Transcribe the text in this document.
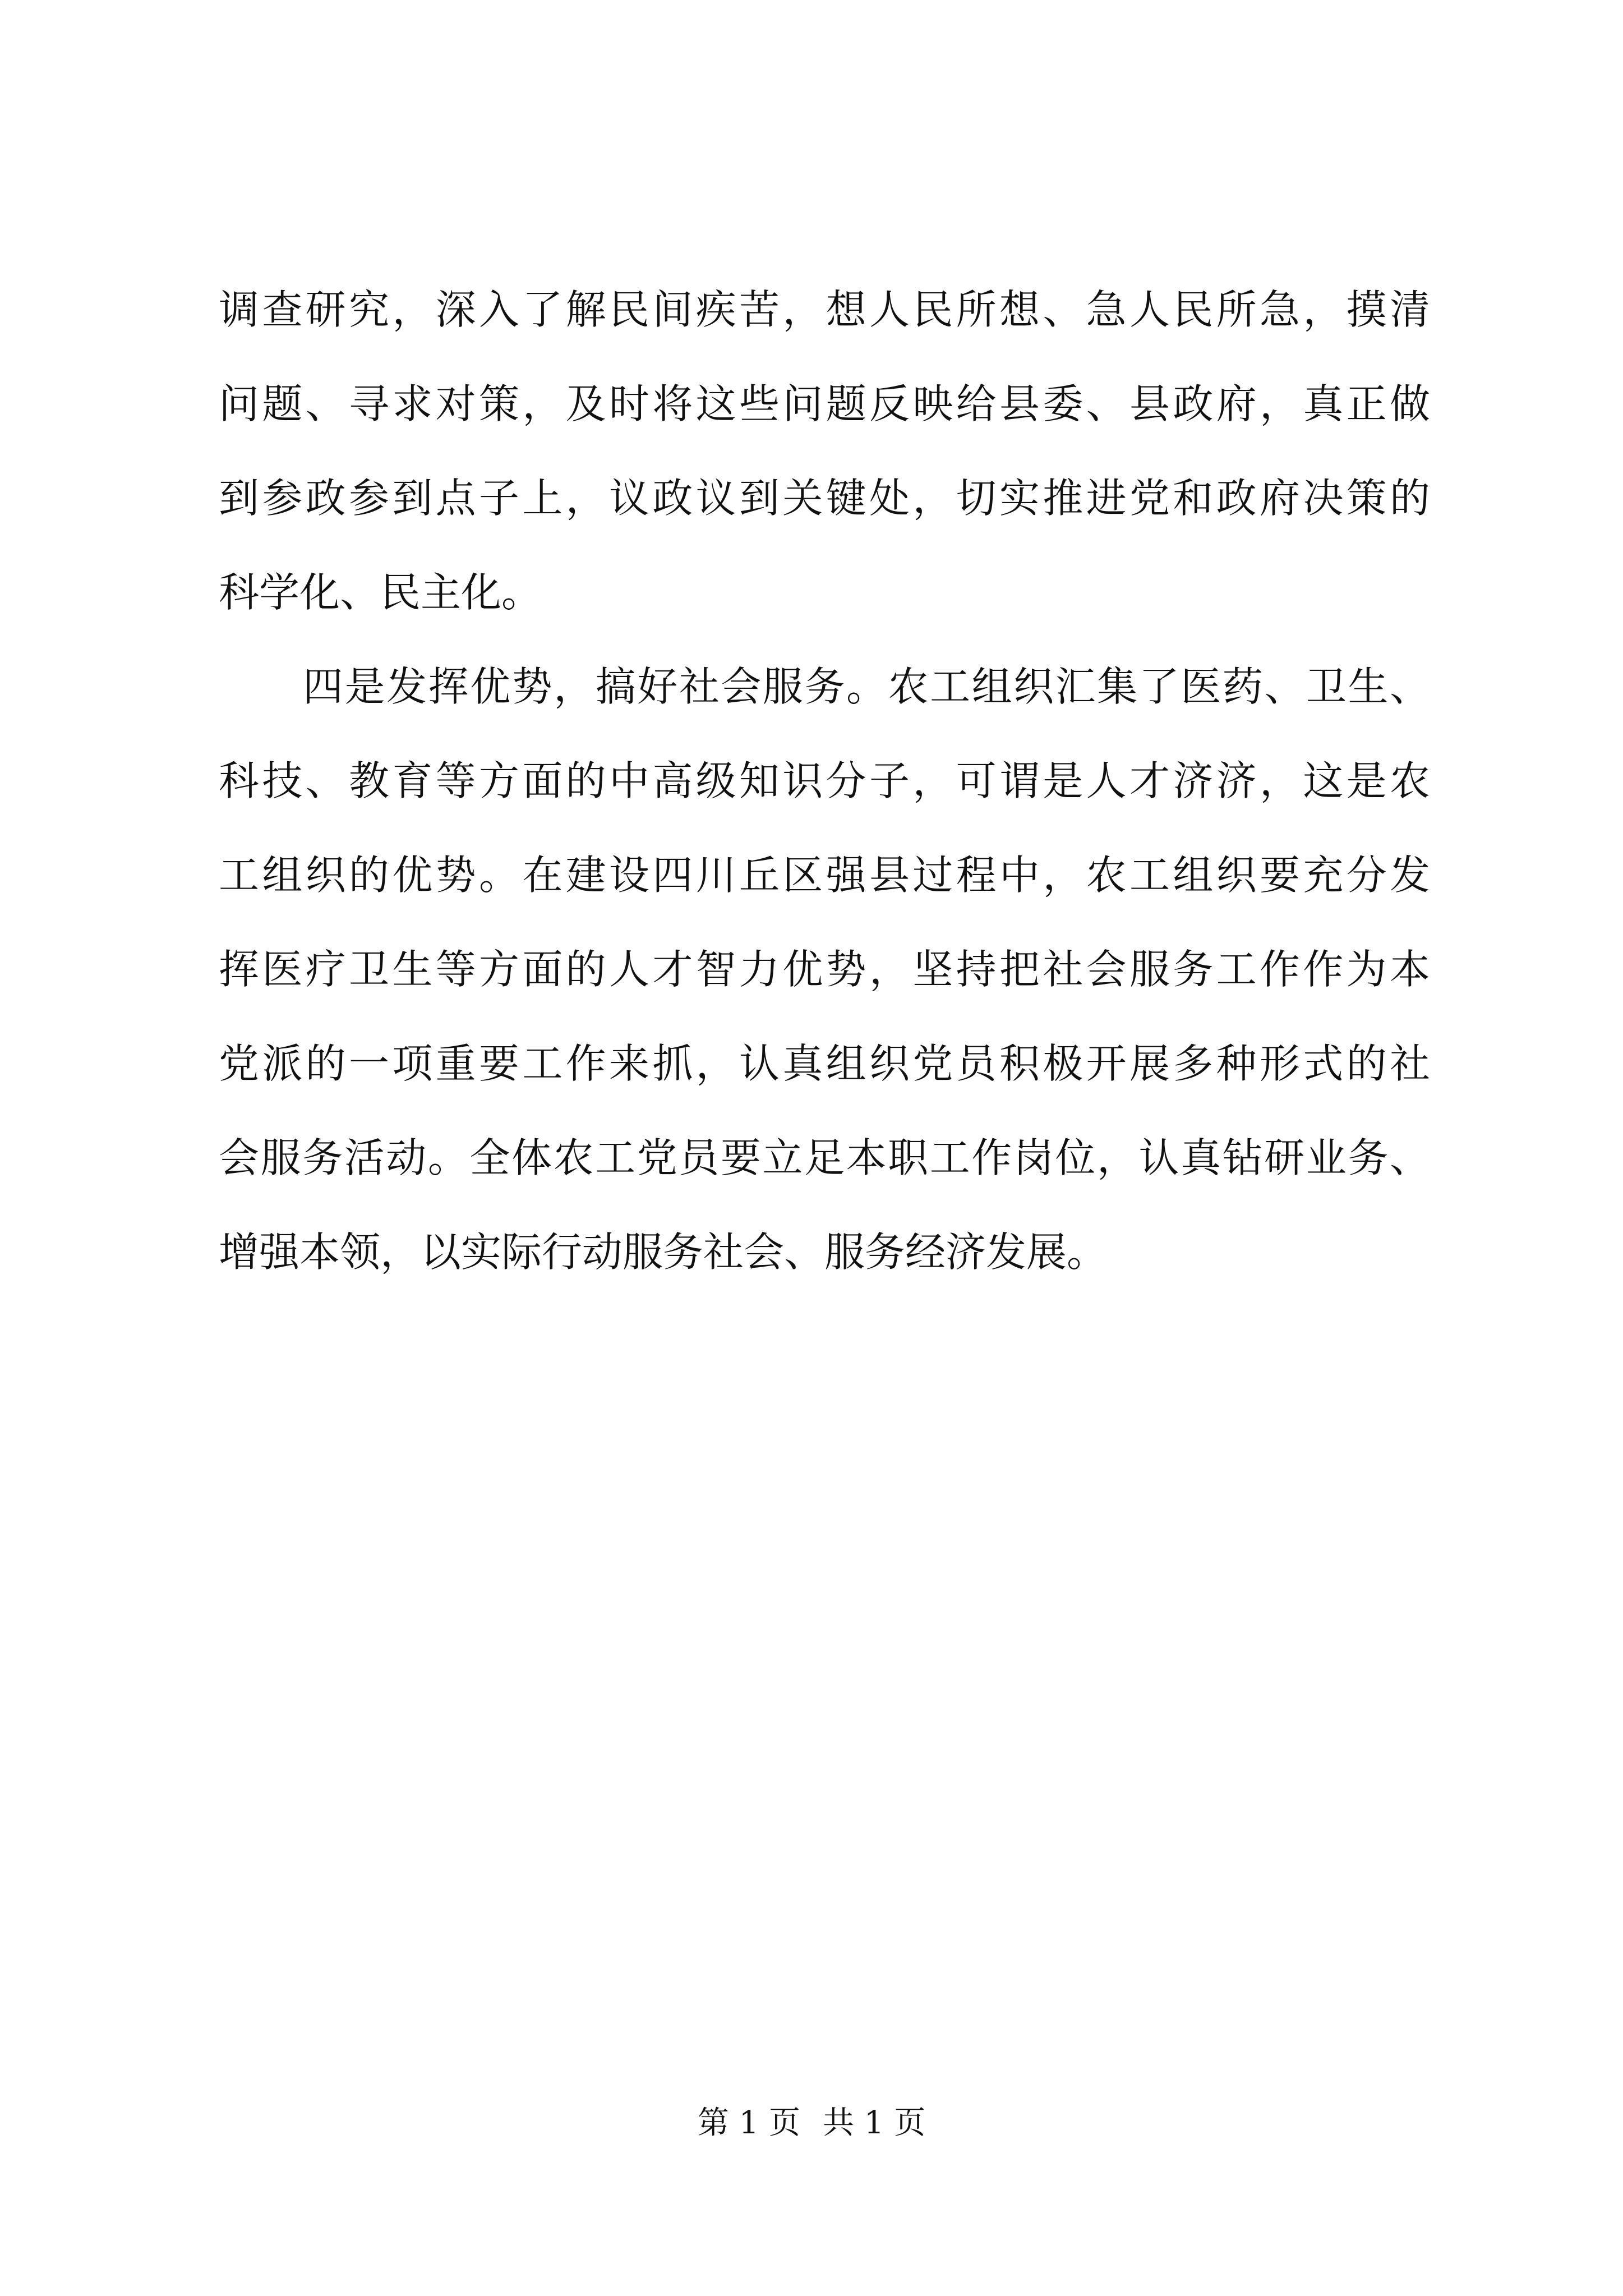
调查研究，深入了解民间疾苦，想人民所想、急人民所急，摸清
问题、寻求对策，及时将这些问题反映给县委、县政府，真正做
到参政参到点子上，议政议到关键处，切实推进党和政府决策的
科学化、民主化。
四是发挥优势，搞好社会服务。农工组织汇集了医药、卫生、
科技、教育等方面的中高级知识分子，可谓是人才济济，这是农
工组织的优势。在建设四川丘区强县过程中，农工组织要充分发
挥医疗卫生等方面的人才智力优势，坚持把社会服务工作作为本
党派的一项重要工作来抓，认真组织党员积极开展多种形式的社
会服务活动。全体农工党员要立足本职工作岗位，认真钻研业务、
增强本领，以实际行动服务社会、服务经济发展。
第 1 页 共 1 页
